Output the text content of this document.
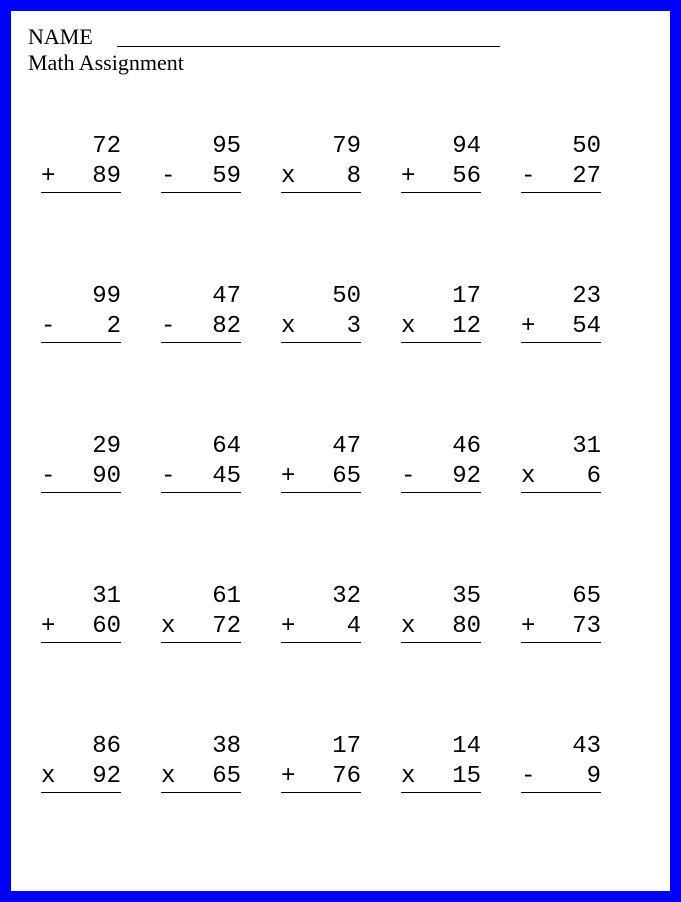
NAME
Math Assignment
72
+ 89
95
- 59
79
x 8
94
+ 56
50
- 27
99
- 2
47
- 82
50
x 3
17
x 12
23
+ 54
29
- 90
64
- 45
47
+ 65
46
- 92
31
x 6
31
+ 60
61
x 72
32
+ 4
35
x 80
65
+ 73
86
x 92
38
x 65
17
+ 76
14
x 15
43
- 9
